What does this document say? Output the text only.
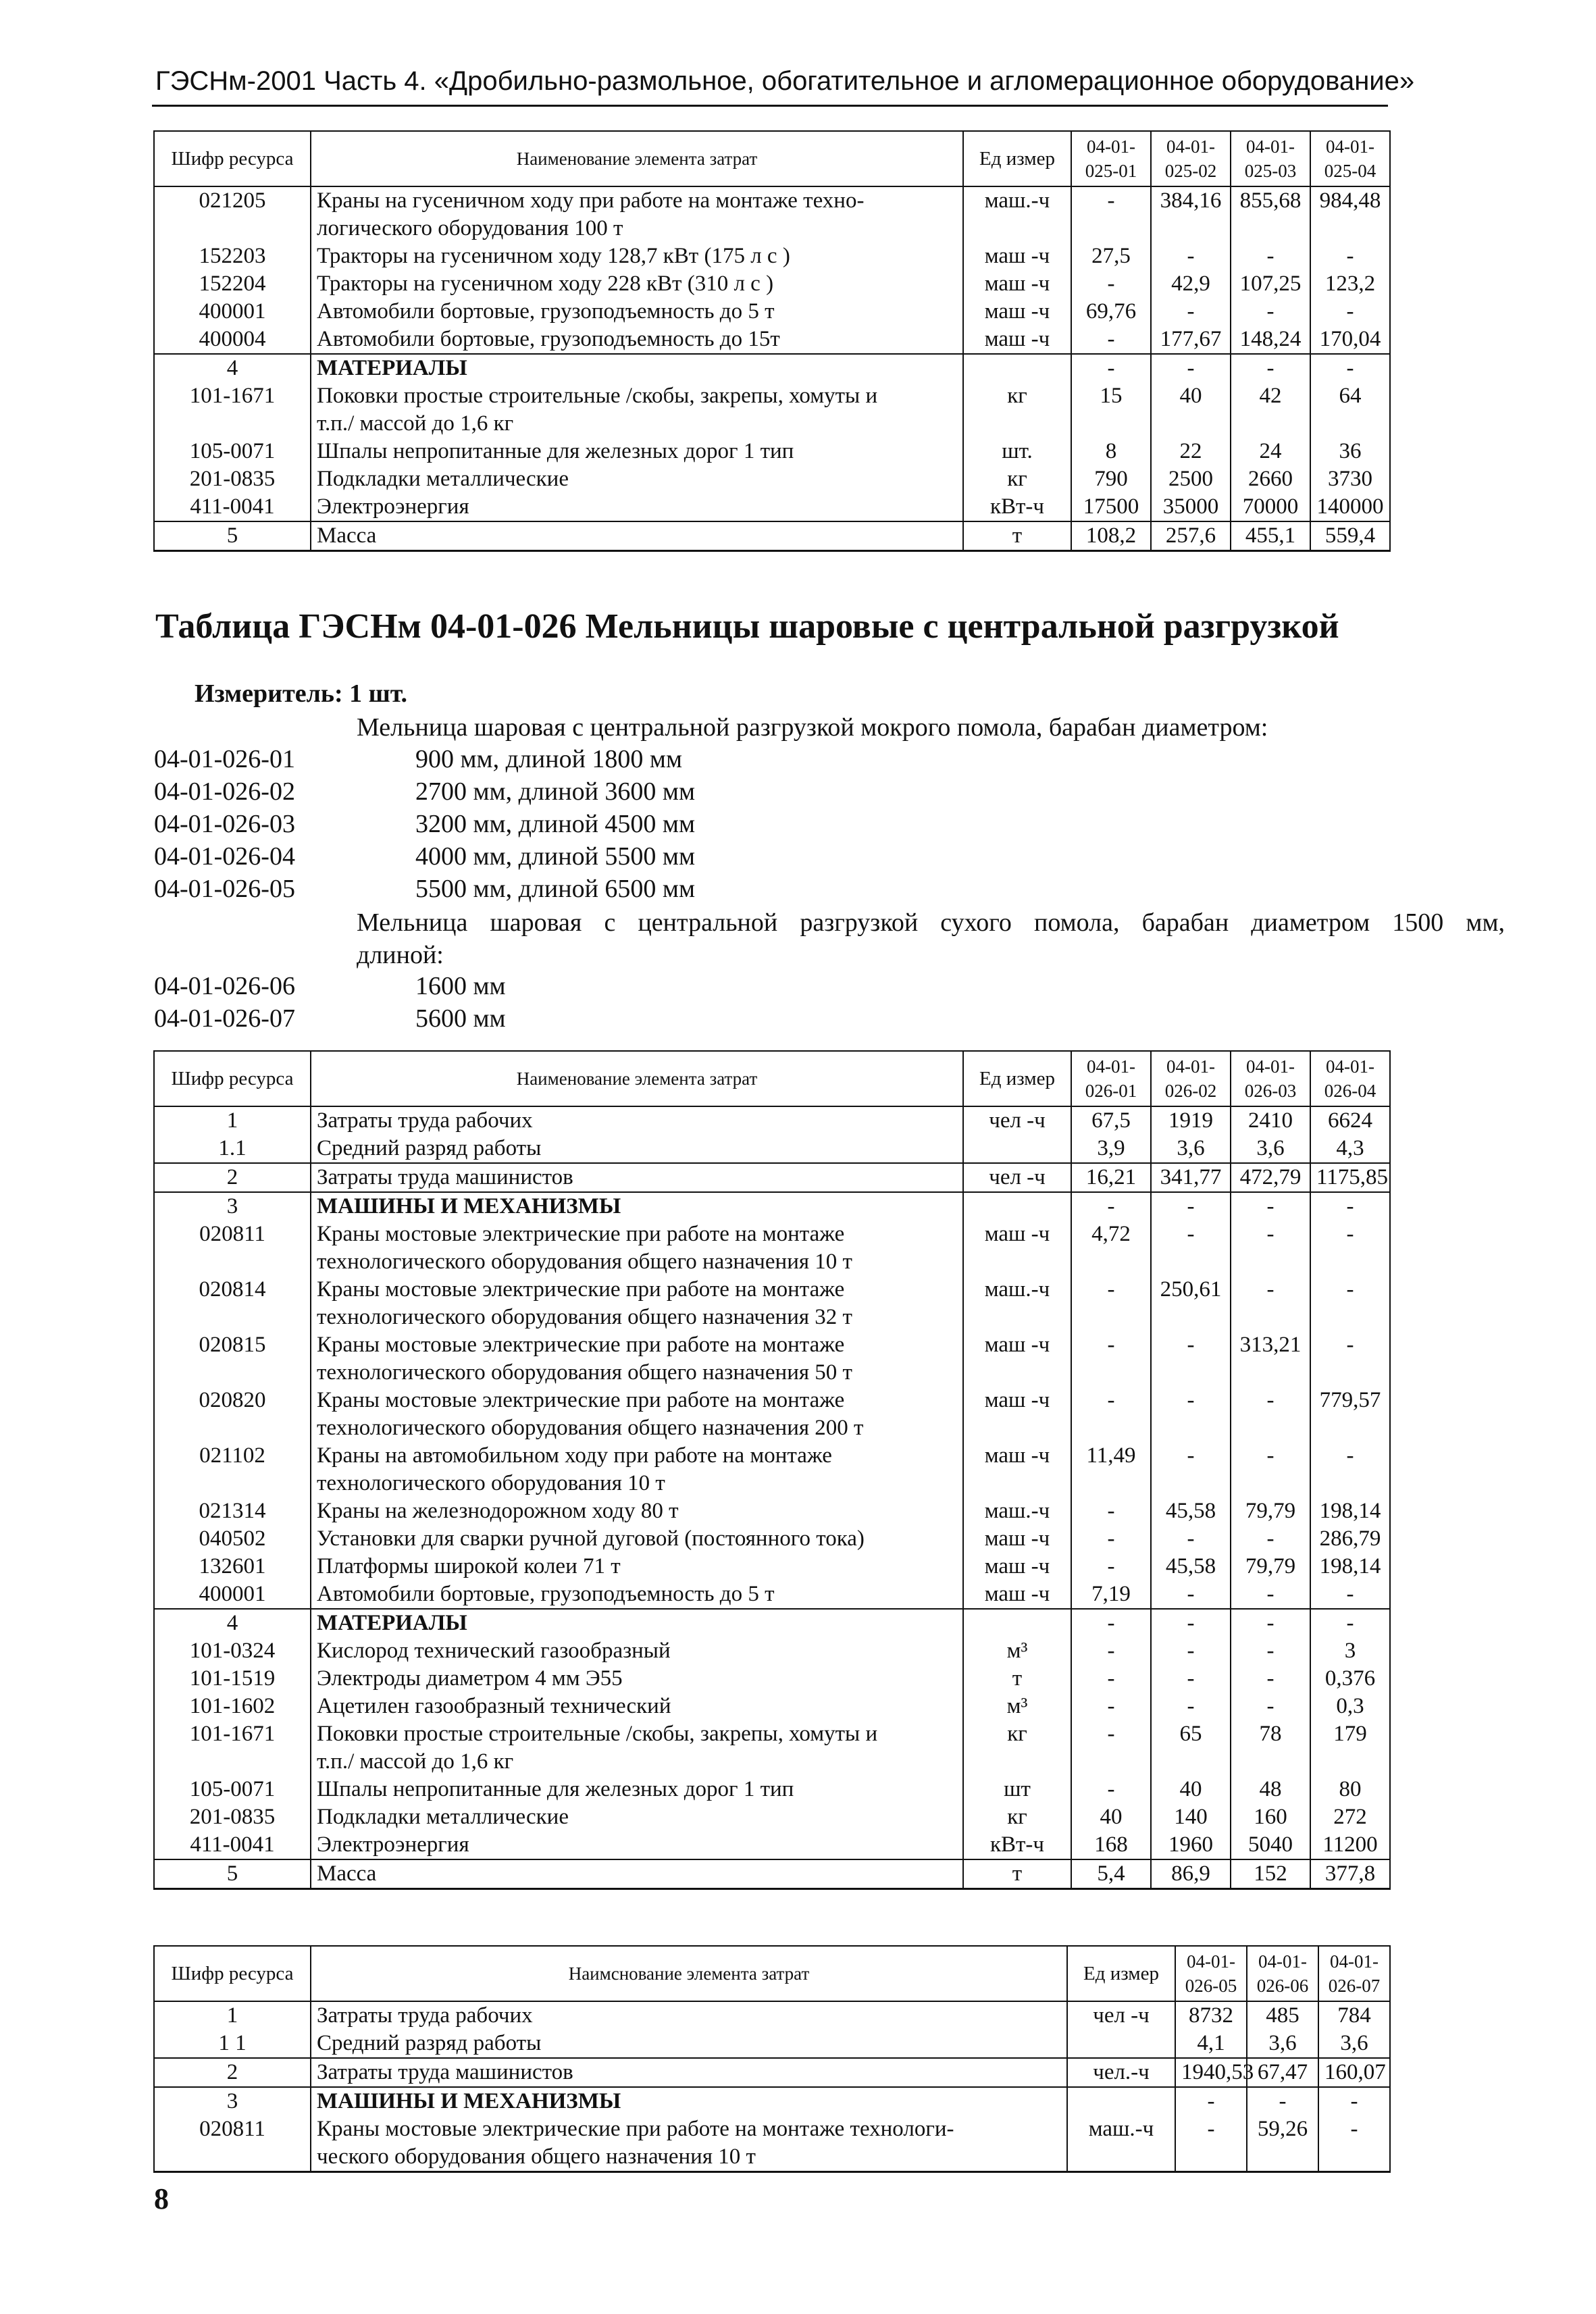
ГЭСНм-2001 Часть 4. «Дробильно-размольное, обогатительное и агломерационное оборудование»
Шифр ресурса	Наименование элемента затрат	Ед измер	04-01-025-01	04-01-025-02	04-01-025-03	04-01-025-04
021205	Краны на гусеничном ходу при работе на монтаже техно-	маш.-ч	-	384,16	855,68	984,48
	логического оборудования 100 т					
152203	Тракторы на гусеничном ходу 128,7 кВт (175 л с )	маш -ч	27,5	-	-	-
152204	Тракторы на гусеничном ходу 228 кВт (310 л с )	маш -ч	-	42,9	107,25	123,2
400001	Автомобили бортовые, грузоподъемность до 5 т	маш -ч	69,76	-	-	-
400004	Автомобили бортовые, грузоподъемность до 15т	маш -ч	-	177,67	148,24	170,04
4	МАТЕРИАЛЫ		-	-	-	-
101-1671	Поковки простые строительные /скобы, закрепы, хомуты и	кг	15	40	42	64
	т.п./ массой до 1,6 кг					
105-0071	Шпалы непропитанные для железных дорог 1 тип	шт.	8	22	24	36
201-0835	Подкладки металлические	кг	790	2500	2660	3730
411-0041	Электроэнергия	кВт-ч	17500	35000	70000	140000
5	Масса	т	108,2	257,6	455,1	559,4
Таблица ГЭСНм 04-01-026 Мельницы шаровые с центральной разгрузкой
Измеритель: 1 шт.
Мельница шаровая с центральной разгрузкой мокрого помола, барабан диаметром:
04-01-026-01	900 мм, длиной 1800 мм
04-01-026-02	2700 мм, длиной 3600 мм
04-01-026-03	3200 мм, длиной 4500 мм
04-01-026-04	4000 мм, длиной 5500 мм
04-01-026-05	5500 мм, длиной 6500 мм
Мельница шаровая с центральной разгрузкой сухого помола, барабан диаметром 1500 мм,
длиной:
04-01-026-06	1600 мм
04-01-026-07	5600 мм
Шифр ресурса	Наименование элемента затрат	Ед измер	04-01-026-01	04-01-026-02	04-01-026-03	04-01-026-04
1	Затраты труда рабочих	чел -ч	67,5	1919	2410	6624
1.1	Средний разряд работы		3,9	3,6	3,6	4,3
2	Затраты труда машинистов	чел -ч	16,21	341,77	472,79	1175,85
3	МАШИНЫ И МЕХАНИЗМЫ		-	-	-	-
020811	Краны мостовые электрические при работе на монтаже	маш -ч	4,72	-	-	-
	технологического оборудования общего назначения 10 т					
020814	Краны мостовые электрические при работе на монтаже	маш.-ч	-	250,61	-	-
	технологического оборудования общего назначения 32 т					
020815	Краны мостовые электрические при работе на монтаже	маш -ч	-	-	313,21	-
	технологического оборудования общего назначения 50 т					
020820	Краны мостовые электрические при работе на монтаже	маш -ч	-	-	-	779,57
	технологического оборудования общего назначения 200 т					
021102	Краны на автомобильном ходу при работе на монтаже	маш -ч	11,49	-	-	-
	технологического оборудования 10 т					
021314	Краны на железнодорожном ходу 80 т	маш.-ч	-	45,58	79,79	198,14
040502	Установки для сварки ручной дуговой (постоянного тока)	маш -ч	-	-	-	286,79
132601	Платформы широкой колеи 71 т	маш -ч	-	45,58	79,79	198,14
400001	Автомобили бортовые, грузоподъемность до 5 т	маш -ч	7,19	-	-	-
4	МАТЕРИАЛЫ		-	-	-	-
101-0324	Кислород технический газообразный	м³	-	-	-	3
101-1519	Электроды диаметром 4 мм Э55	т	-	-	-	0,376
101-1602	Ацетилен газообразный технический	м³	-	-	-	0,3
101-1671	Поковки простые строительные /скобы, закрепы, хомуты и	кг	-	65	78	179
	т.п./ массой до 1,6 кг					
105-0071	Шпалы непропитанные для железных дорог 1 тип	шт	-	40	48	80
201-0835	Подкладки металлические	кг	40	140	160	272
411-0041	Электроэнергия	кВт-ч	168	1960	5040	11200
5	Масса	т	5,4	86,9	152	377,8
Шифр ресурса	Наимснование элемента затрат	Ед измер	04-01-026-05	04-01-026-06	04-01-026-07
1	Затраты труда рабочих	чел -ч	8732	485	784
1 1	Средний разряд работы		4,1	3,6	3,6
2	Затраты труда машинистов	чел.-ч	1940,53	67,47	160,07
3	МАШИНЫ И МЕХАНИЗМЫ		-	-	-
020811	Краны мостовые электрические при работе на монтаже технологи-	маш.-ч	-	59,26	-
	ческого оборудования общего назначения 10 т				
8
